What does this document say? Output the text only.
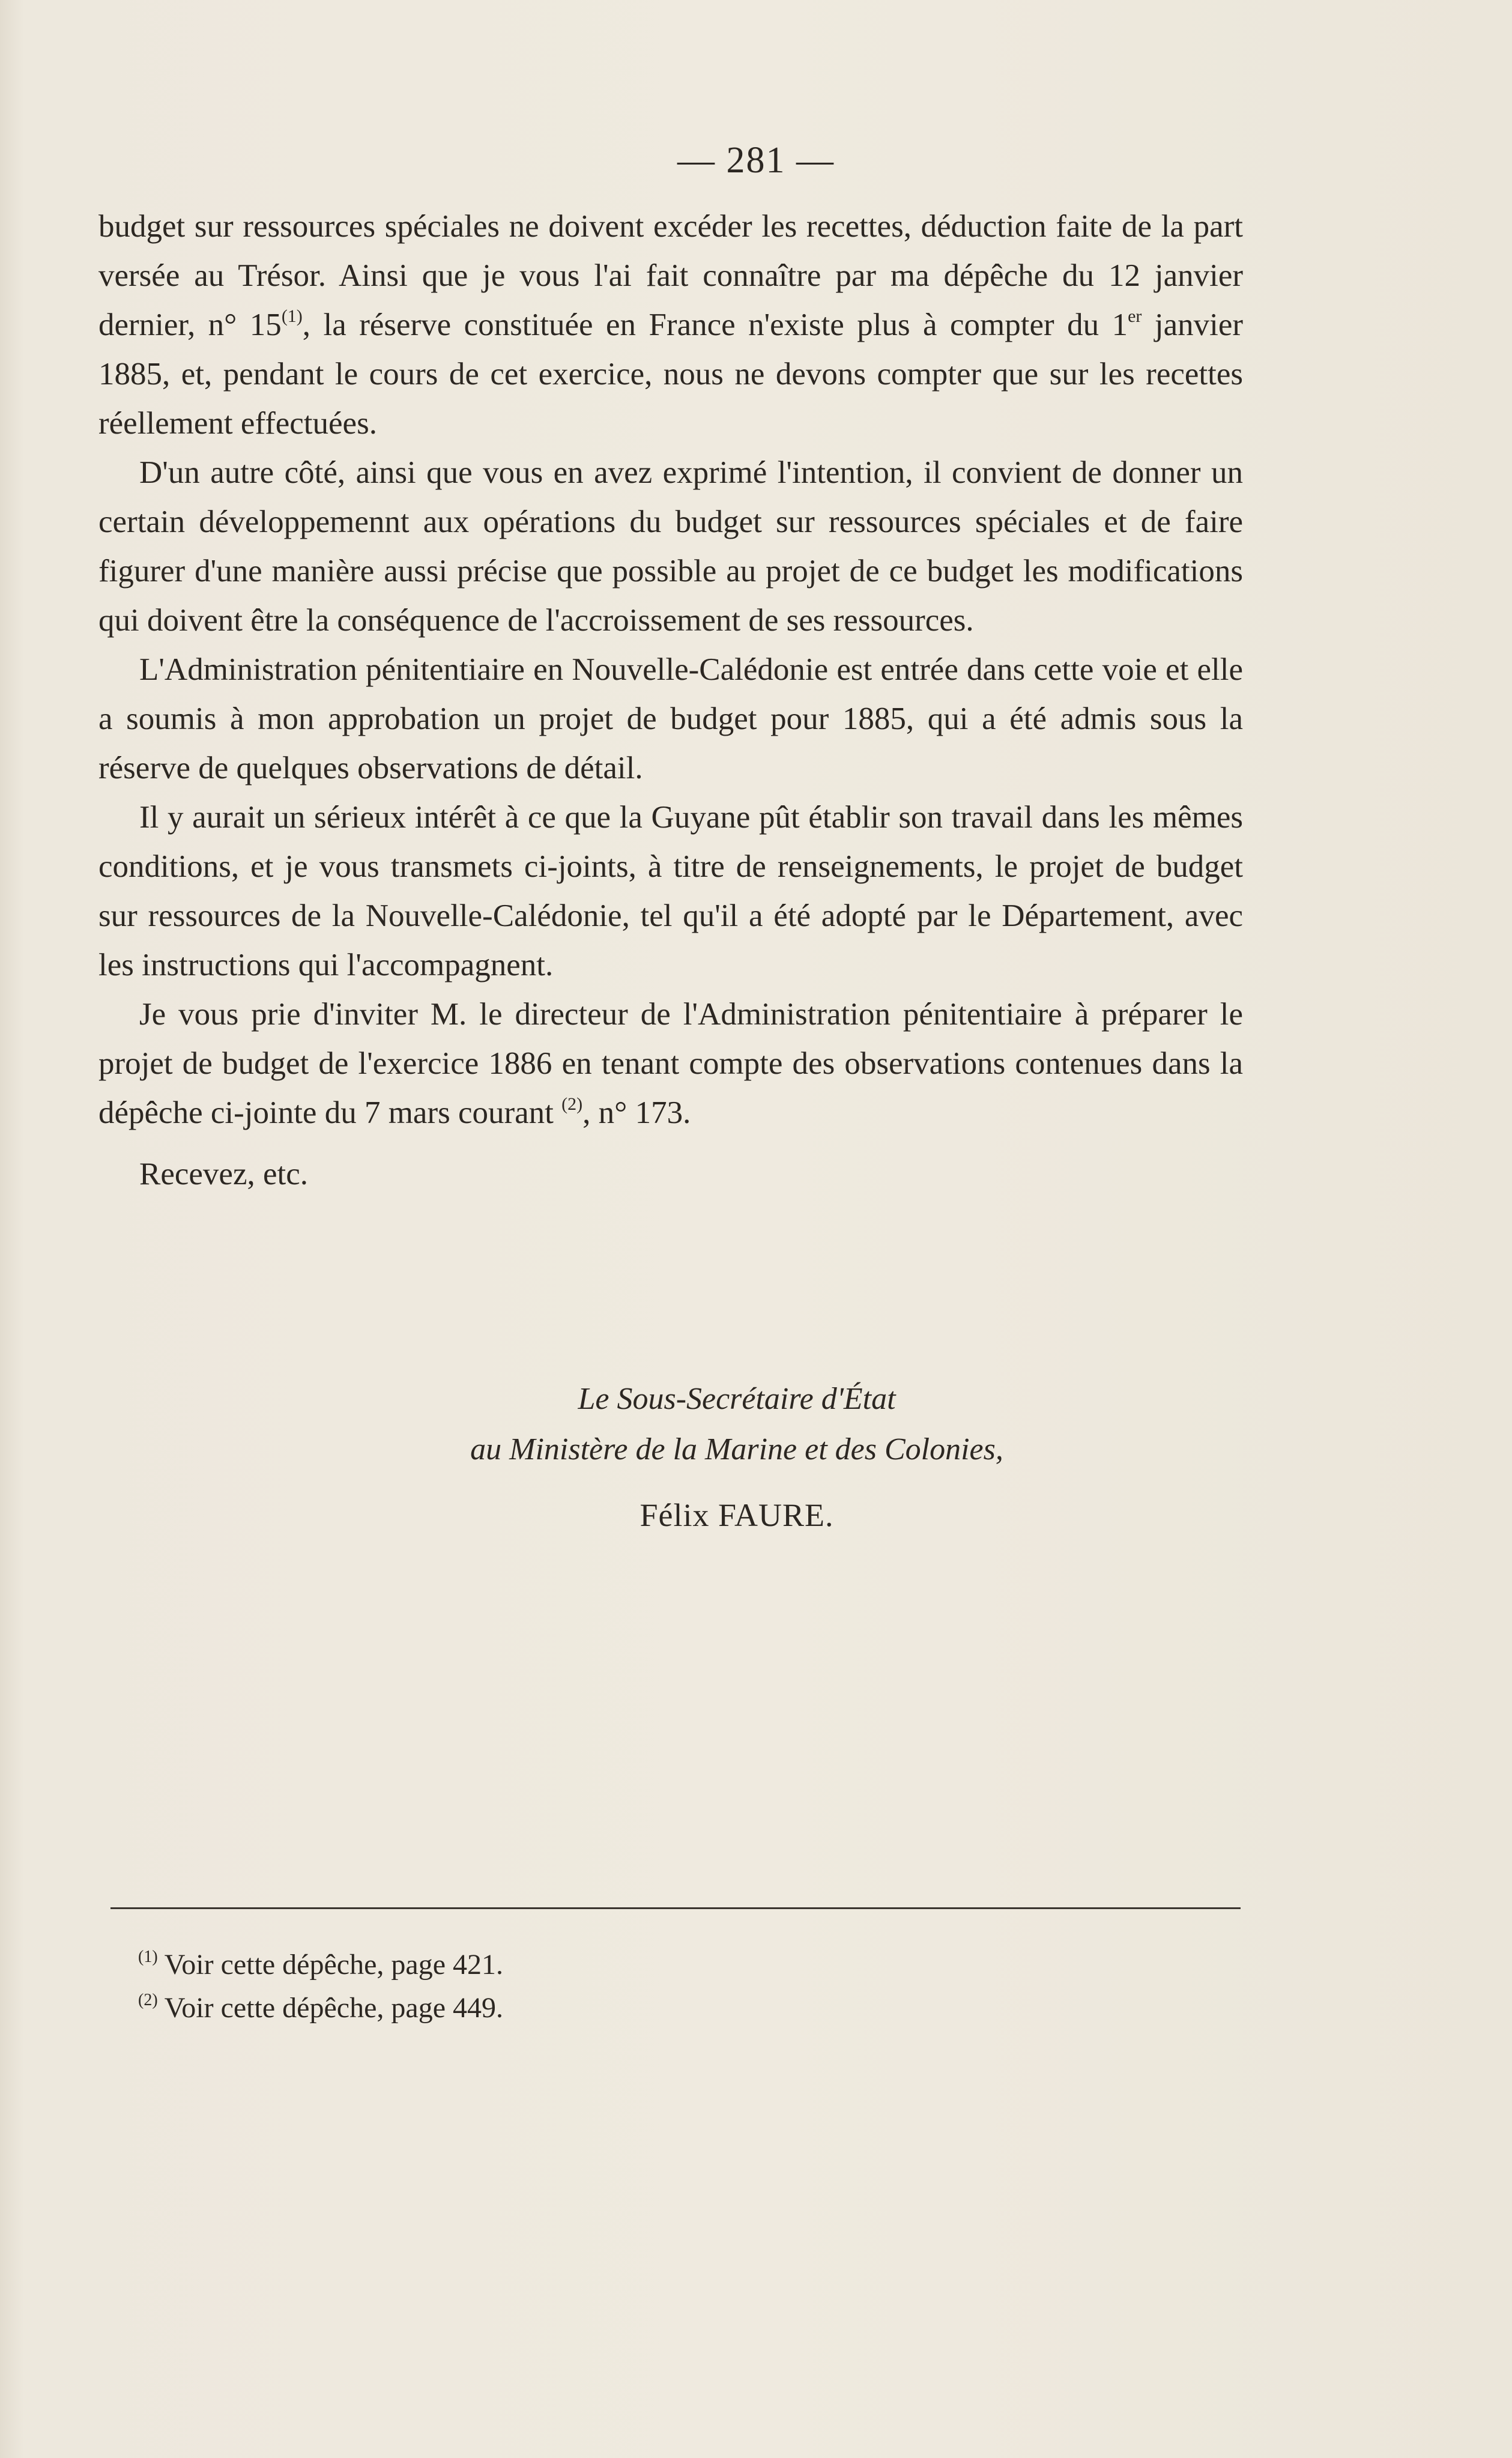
— 281 —

budget sur ressources spéciales ne doivent excéder les recettes, déduction faite de la part versée au Trésor. Ainsi que je vous l'ai fait connaître par ma dépêche du 12 janvier dernier, n° 15$^{(1)}$, la réserve constituée en France n'existe plus à compter du 1er janvier 1885, et, pendant le cours de cet exercice, nous ne devons compter que sur les recettes réellement effectuées.

D'un autre côté, ainsi que vous en avez exprimé l'intention, il convient de donner un certain développemennt aux opérations du budget sur ressources spéciales et de faire figurer d'une manière aussi précise que possible au projet de ce budget les modifications qui doivent être la conséquence de l'accroissement de ses ressources.

L'Administration pénitentiaire en Nouvelle-Calédonie est entrée dans cette voie et elle a soumis à mon approbation un projet de budget pour 1885, qui a été admis sous la réserve de quelques observations de détail.

Il y aurait un sérieux intérêt à ce que la Guyane pût établir son travail dans les mêmes conditions, et je vous transmets ci-joints, à titre de renseignements, le projet de budget sur ressources de la Nouvelle-Calédonie, tel qu'il a été adopté par le Département, avec les instructions qui l'accompagnent.

Je vous prie d'inviter M. le directeur de l'Administration pénitentiaire à préparer le projet de budget de l'exercice 1886 en tenant compte des observations contenues dans la dépêche ci-jointe du 7 mars courant $^{(2)}$, n° 173.

Recevez, etc.

Le Sous-Secrétaire d'État
au Ministère de la Marine et des Colonies,
Félix FAURE.
$^{(1)}$ Voir cette dépêche, page 421.
$^{(2)}$ Voir cette dépêche, page 449.
